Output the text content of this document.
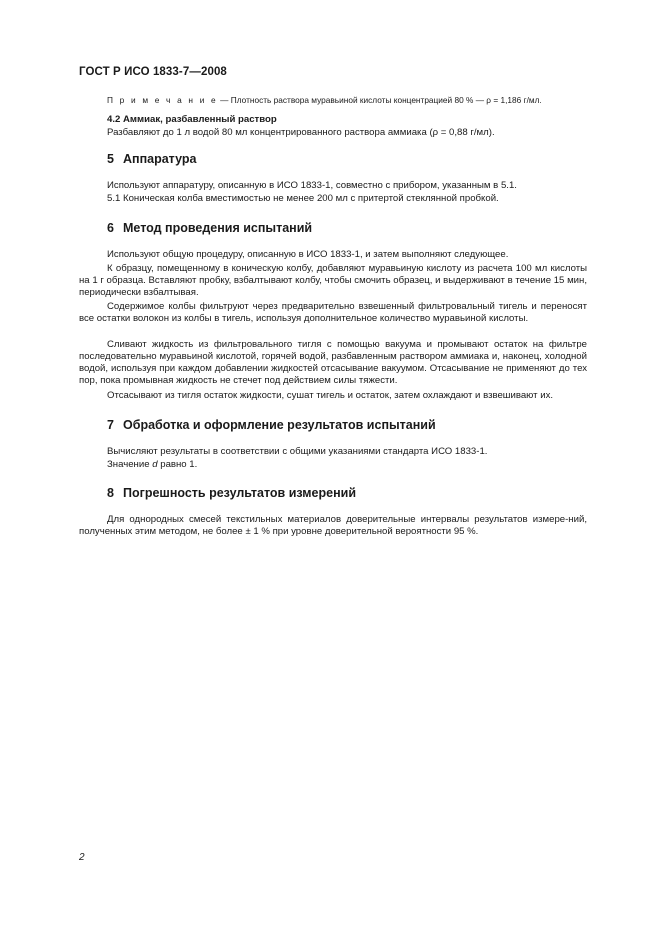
ГОСТ Р ИСО 1833-7—2008
П р и м е ч а н и е — Плотность раствора муравьиной кислоты концентрацией 80 % — ρ = 1,186 г/мл.
4.2 Аммиак, разбавленный раствор
Разбавляют до 1 л водой 80 мл концентрированного раствора аммиака (ρ = 0,88 г/мл).
5 Аппаратура
Используют аппаратуру, описанную в ИСО 1833-1, совместно с прибором, указанным в 5.1.
5.1 Коническая колба вместимостью не менее 200 мл с притертой стеклянной пробкой.
6 Метод проведения испытаний
Используют общую процедуру, описанную в ИСО 1833-1, и затем выполняют следующее.
К образцу, помещенному в коническую колбу, добавляют муравьиную кислоту из расчета 100 мл кислоты на 1 г образца. Вставляют пробку, взбалтывают колбу, чтобы смочить образец, и выдерживают в течение 15 мин, периодически взбалтывая.
Содержимое колбы фильтруют через предварительно взвешенный фильтровальный тигель и переносят все остатки волокон из колбы в тигель, используя дополнительное количество муравьиной кислоты.
Сливают жидкость из фильтровального тигля с помощью вакуума и промывают остаток на фильтре последовательно муравьиной кислотой, горячей водой, разбавленным раствором аммиака и, наконец, холодной водой, используя при каждом добавлении жидкостей отсасывание вакуумом. Отсасывание не применяют до тех пор, пока промывная жидкость не стечет под действием силы тяжести.
Отсасывают из тигля остаток жидкости, сушат тигель и остаток, затем охлаждают и взвешивают их.
7 Обработка и оформление результатов испытаний
Вычисляют результаты в соответствии с общими указаниями стандарта ИСО 1833-1.
Значение d равно 1.
8 Погрешность результатов измерений
Для однородных смесей текстильных материалов доверительные интервалы результатов измере-ний, полученных этим методом, не более ± 1 % при уровне доверительной вероятности 95 %.
2
